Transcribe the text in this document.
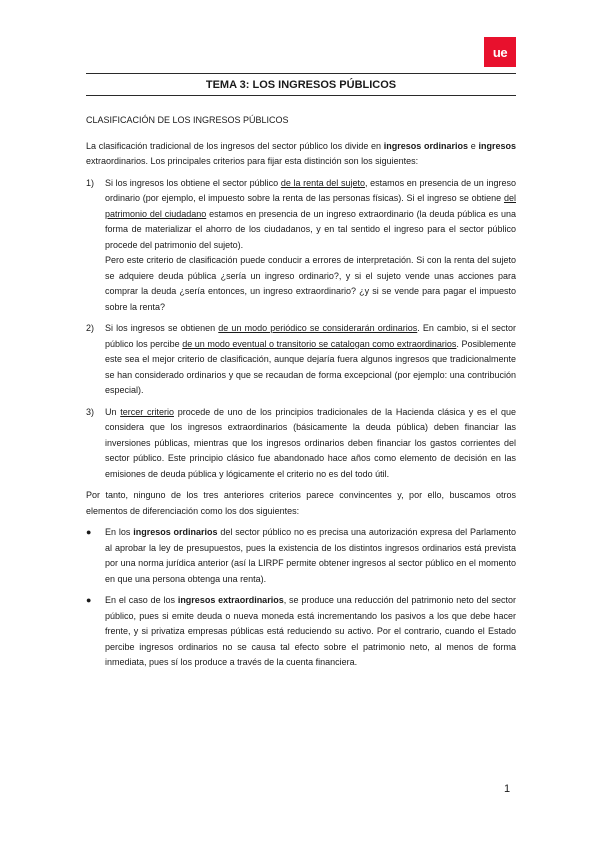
ue
TEMA 3: LOS INGRESOS PÚBLICOS
CLASIFICACIÓN DE LOS INGRESOS PÚBLICOS

La clasificación tradicional de los ingresos del sector público los divide en ingresos ordinarios e ingresos extraordinarios. Los principales criterios para fijar esta distinción son los siguientes:

1)	Si los ingresos los obtiene el sector público de la renta del sujeto, estamos en presencia de un ingreso ordinario (por ejemplo, el impuesto sobre la renta de las personas físicas). Si el ingreso se obtiene del patrimonio del ciudadano estamos en presencia de un ingreso extraordinario (la deuda pública es una forma de materializar el ahorro de los ciudadanos, y en tal sentido el ingreso para el sector público procede del patrimonio del sujeto).
Pero este criterio de clasificación puede conducir a errores de interpretación. Si con la renta del sujeto se adquiere deuda pública ¿sería un ingreso ordinario?, y si el sujeto vende unas acciones para comprar la deuda ¿sería entonces, un ingreso extraordinario? ¿y si se vende para pagar el impuesto sobre la renta?
2)	Si los ingresos se obtienen de un modo periódico se considerarán ordinarios. En cambio, si el sector público los percibe de un modo eventual o transitorio se catalogan como extraordinarios. Posiblemente este sea el mejor criterio de clasificación, aunque dejaría fuera algunos ingresos que tradicionalmente se han considerado ordinarios y que se recaudan de forma excepcional (por ejemplo: una contribución especial).
3)	Un tercer criterio procede de uno de los principios tradicionales de la Hacienda clásica y es el que considera que los ingresos extraordinarios (básicamente la deuda pública) deben financiar las inversiones públicas, mientras que los ingresos ordinarios deben financiar los gastos corrientes del sector público. Este principio clásico fue abandonado hace años como elemento de decisión en las emisiones de deuda pública y lógicamente el criterio no es del todo útil.

Por tanto, ninguno de los tres anteriores criterios parece convincentes y, por ello, buscamos otros elementos de diferenciación como los dos siguientes:

●	En los ingresos ordinarios del sector público no es precisa una autorización expresa del Parlamento al aprobar la ley de presupuestos, pues la existencia de los distintos ingresos ordinarios está prevista por una norma jurídica anterior (así la LIRPF permite obtener ingresos al sector público en el momento en que una persona obtenga una renta).
●	En el caso de los ingresos extraordinarios, se produce una reducción del patrimonio neto del sector público, pues si emite deuda o nueva moneda está incrementando los pasivos a los que debe hacer frente, y si privatiza empresas públicas está reduciendo su activo. Por el contrario, cuando el Estado percibe ingresos ordinarios no se causa tal efecto sobre el patrimonio neto, al menos de forma inmediata, pues sí los produce a través de la cuenta financiera.
1
